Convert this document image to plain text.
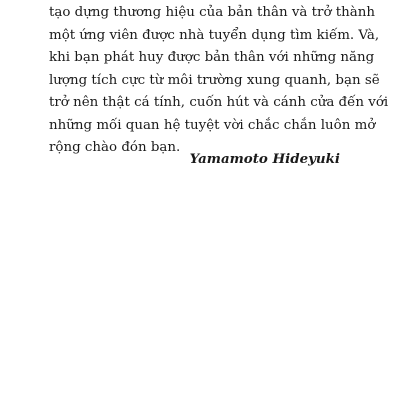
tạo dựng thương hiệu của bản thân và trở thành
một ứng viên được nhà tuyển dụng tìm kiếm. Và,
khi bạn phát huy được bản thân với những năng
lượng tích cực từ môi trường xung quanh, bạn sẽ
trở nên thật cá tính, cuốn hút và cánh cửa đến với
những mối quan hệ tuyệt vời chắc chắn luôn mở
rộng chào đón bạn.

Yamamoto Hideyuki
